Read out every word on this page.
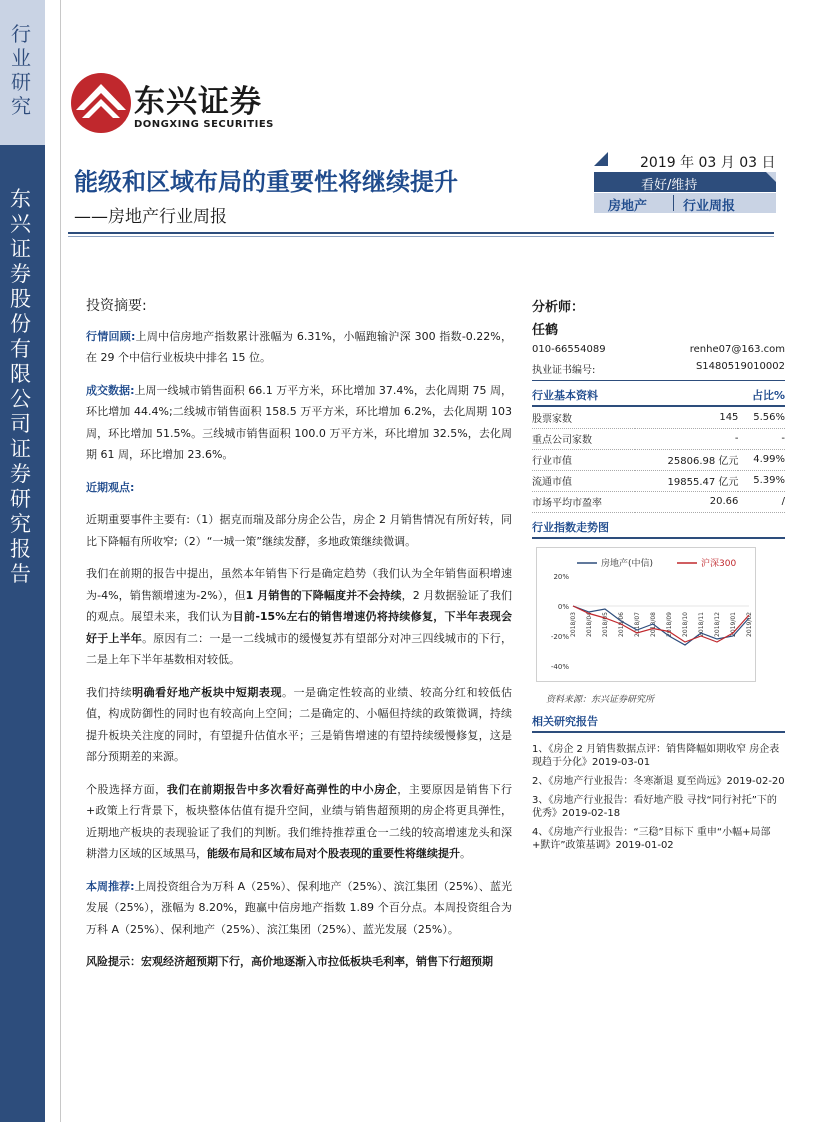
行业研究
东兴证券股份有限公司证券研究报告
东兴证券
DONGXING SECURITIES
能级和区域布局的重要性将继续提升
——房地产行业周报
2019 年 03 月 03 日
看好/维持
房地产	行业周报
投资摘要:

行情回顾:上周中信房地产指数累计涨幅为 6.31%，小幅跑输沪深 300 指数-0.22%，在 29 个中信行业板块中排名 15 位。

成交数据:上周一线城市销售面积 66.1 万平方米，环比增加 37.4%，去化周期 75 周，环比增加 44.4%;二线城市销售面积 158.5 万平方米，环比增加 6.2%，去化周期 103 周，环比增加 51.5%。三线城市销售面积 100.0 万平方米，环比增加 32.5%，去化周期 61 周，环比增加 23.6%。

近期观点:

近期重要事件主要有:（1）据克而瑞及部分房企公告，房企 2 月销售情况有所好转，同比下降幅有所收窄;（2）“一城一策”继续发酵，多地政策继续微调。

我们在前期的报告中提出，虽然本年销售下行是确定趋势（我们认为全年销售面积增速为-4%，销售额增速为-2%），但1 月销售的下降幅度并不会持续，2 月数据验证了我们的观点。展望未来，我们认为目前-15%左右的销售增速仍将持续修复，下半年表现会好于上半年。原因有二：一是一二线城市的缓慢复苏有望部分对冲三四线城市的下行，二是上年下半年基数相对较低。

我们持续明确看好地产板块中短期表现。一是确定性较高的业绩、较高分红和较低估值，构成防御性的同时也有较高向上空间；二是确定的、小幅但持续的政策微调，持续提升板块关注度的同时，有望提升估值水平；三是销售增速的有望持续缓慢修复，这是部分预期差的来源。

个股选择方面，我们在前期报告中多次看好高弹性的中小房企，主要原因是销售下行+政策上行背景下，板块整体估值有提升空间，业绩与销售超预期的房企将更具弹性，近期地产板块的表现验证了我们的判断。我们维持推荐重仓一二线的较高增速龙头和深耕潜力区域的区域黑马，能级布局和区域布局对个股表现的重要性将继续提升。

本周推荐:上周投资组合为万科 A（25%）、保利地产（25%）、滨江集团（25%）、蓝光发展（25%），涨幅为 8.20%，跑赢中信房地产指数 1.89 个百分点。本周投资组合为万科 A（25%）、保利地产（25%）、滨江集团（25%）、蓝光发展（25%）。

风险提示：宏观经济超预期下行，高价地逐渐入市拉低板块毛利率，销售下行超预期

分析师：
任鹤
010-66554089	renhe07@163.com
执业证书编号:	S1480519010002
行业基本资料	占比%
股票家数	145	5.56%
重点公司家数	-	-
行业市值	25806.98 亿元	4.99%
流通市值	19855.47 亿元	5.39%
市场平均市盈率	20.66	/
行业指数走势图
20%
0%
-20%
-40%
2018/03 2018/04 2018/05 2018/06 2018/07 2018/08 2018/09 2018/10 2018/11 2018/12 2019/01 2019/02
房地产(中信)	沪深300
资料来源：东兴证券研究所
相关研究报告
1、《房企 2 月销售数据点评：销售降幅如期收窄 房企表现趋于分化》2019-03-01
2、《房地产行业报告：冬寒渐退 夏至尚远》2019-02-20
3、《房地产行业报告：看好地产股 寻找“同行衬托”下的优秀》2019-02-18
4、《房地产行业报告：“三稳”目标下 重申“小幅+局部+默许”政策基调》2019-01-02
